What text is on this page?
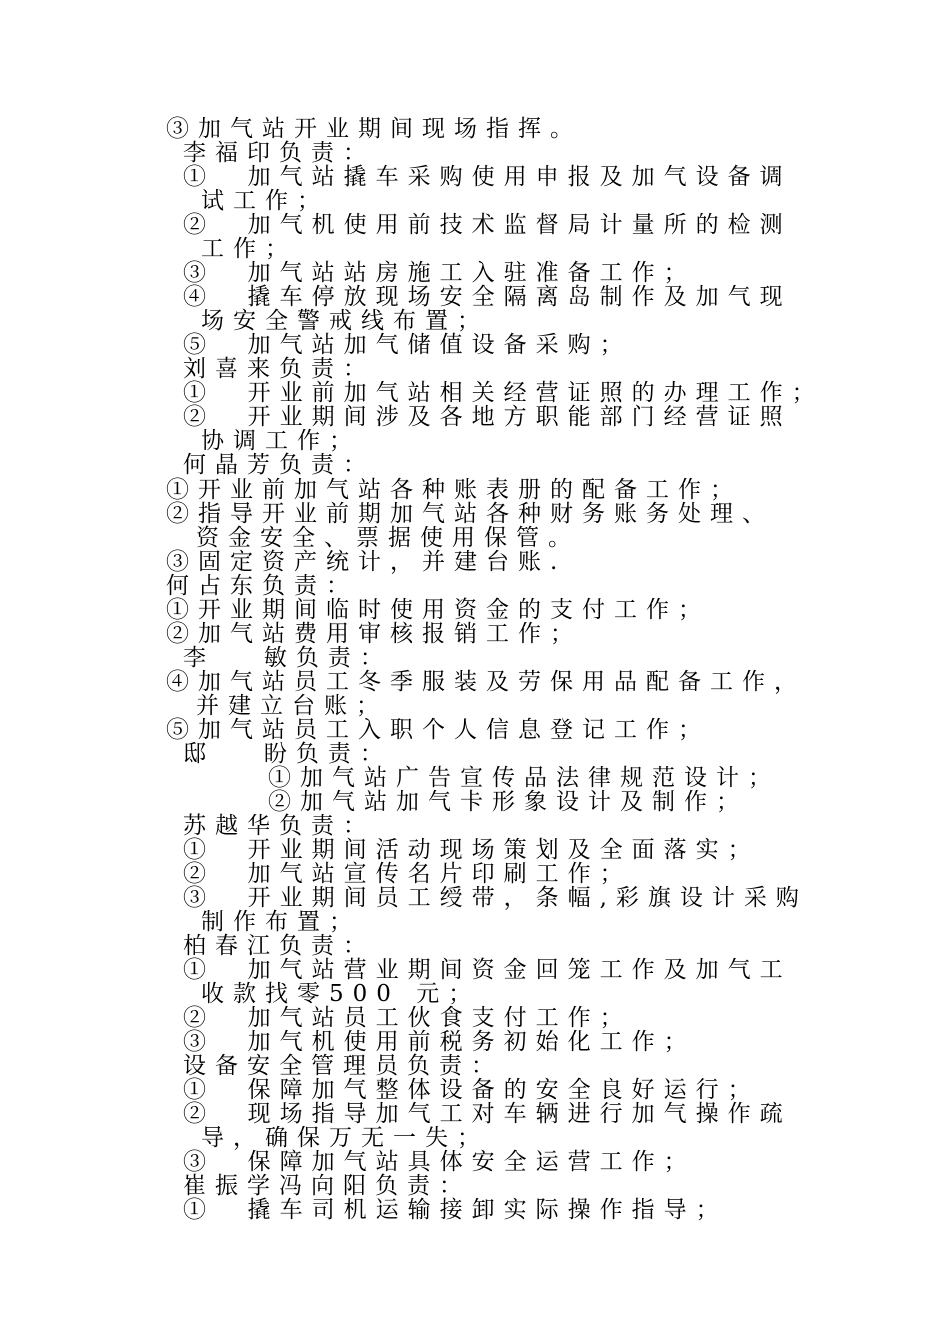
③加气站开业期间现场指挥。
李福印负责：
①  加气站撬车采购使用申报及加气设备调
试工作；
②  加气机使用前技术监督局计量所的检测
工作；
③  加气站站房施工入驻准备工作；
④  撬车停放现场安全隔离岛制作及加气现
场安全警戒线布置；
⑤  加气站加气储值设备采购；
刘喜来负责：
①  开业前加气站相关经营证照的办理工作；
②  开业期间涉及各地方职能部门经营证照
协调工作；
何晶芳负责：
①开业前加气站各种账表册的配备工作；
②指导开业前期加气站各种财务账务处理、
资金安全、票据使用保管。
③固定资产统计，并建台账.
何占东负责：
①开业期间临时使用资金的支付工作；
②加气站费用审核报销工作；
李   敏负责：
④加气站员工冬季服装及劳保用品配备工作，
并建立台账；
⑤加气站员工入职个人信息登记工作；
邸   盼负责：
①加气站广告宣传品法律规范设计；
②加气站加气卡形象设计及制作；
苏越华负责：
①  开业期间活动现场策划及全面落实；
②  加气站宣传名片印刷工作；
③  开业期间员工绶带，条幅,彩旗设计采购
制作布置；
柏春江负责：
①  加气站营业期间资金回笼工作及加气工
收款找零500 元；
②  加气站员工伙食支付工作；
③  加气机使用前税务初始化工作；
设备安全管理员负责：
①  保障加气整体设备的安全良好运行；
②  现场指导加气工对车辆进行加气操作疏
导，确保万无一失；
③  保障加气站具体安全运营工作；
崔振学冯向阳负责：
①  撬车司机运输接卸实际操作指导；
